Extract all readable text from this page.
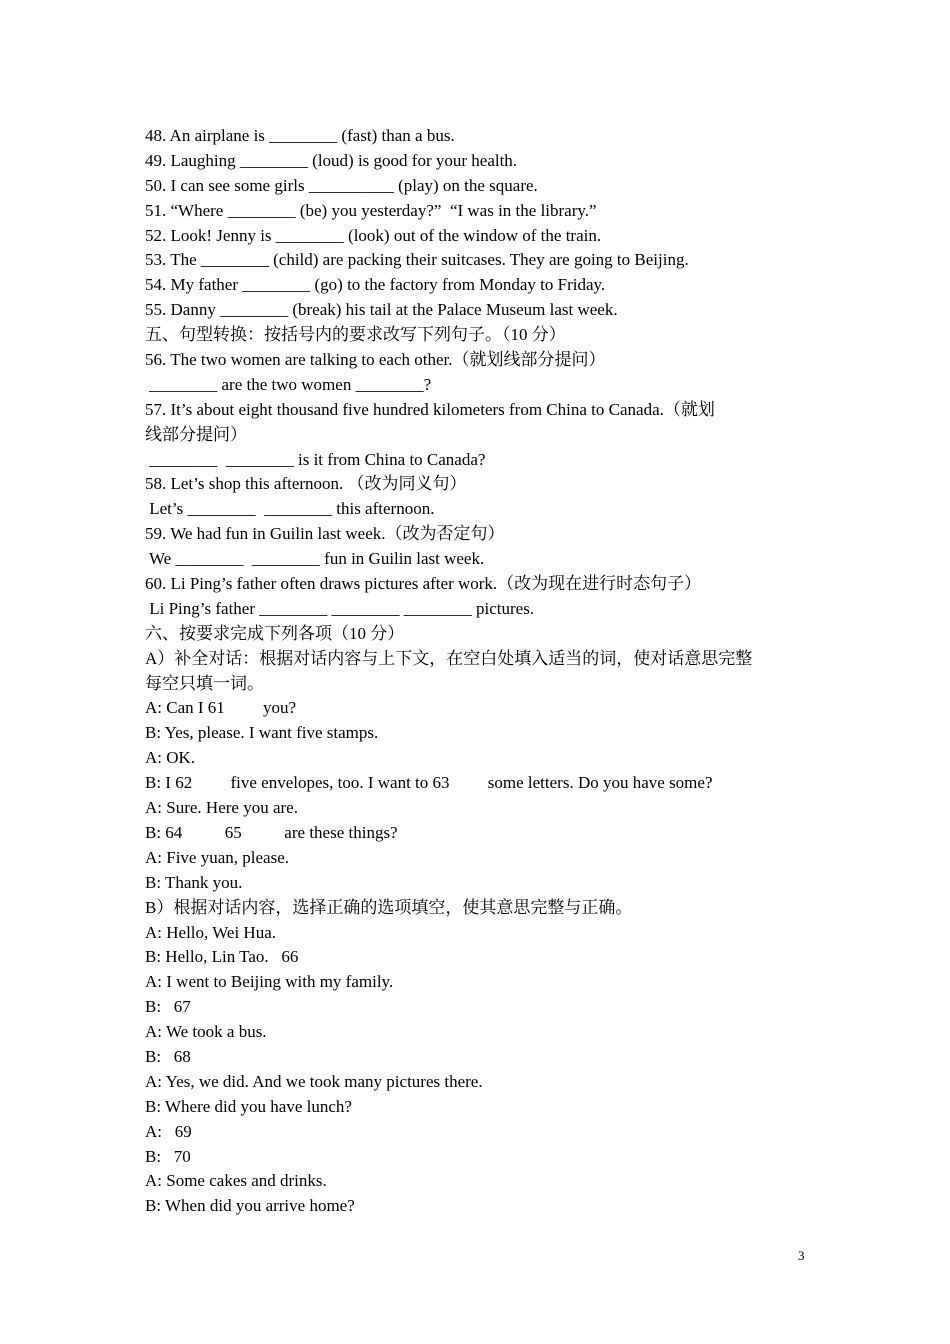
48. An airplane is ________ (fast) than a bus.
49. Laughing ________ (loud) is good for your health.
50. I can see some girls __________ (play) on the square.
51. “Where ________ (be) you yesterday?”  “I was in the library.”
52. Look! Jenny is ________ (look) out of the window of the train.
53. The ________ (child) are packing their suitcases. They are going to Beijing.
54. My father ________ (go) to the factory from Monday to Friday.
55. Danny ________ (break) his tail at the Palace Museum last week.
五、句型转换：按括号内的要求改写下列句子。（10 分）
56. The two women are talking to each other.（就划线部分提问）
________ are the two women ________?
57. It’s about eight thousand five hundred kilometers from China to Canada.（就划
线部分提问）
________  ________ is it from China to Canada?
58. Let’s shop this afternoon. （改为同义句）
Let’s ________  ________ this afternoon.
59. We had fun in Guilin last week.（改为否定句）
We ________  ________ fun in Guilin last week.
60. Li Ping’s father often draws pictures after work.（改为现在进行时态句子）
Li Ping’s father ________ ________ ________ pictures.
六、按要求完成下列各项（10 分）
A）补全对话：根据对话内容与上下文，在空白处填入适当的词，使对话意思完整
每空只填一词。
A: Can I 61         you?
B: Yes, please. I want five stamps.
A: OK.
B: I 62         five envelopes, too. I want to 63         some letters. Do you have some?
A: Sure. Here you are.
B: 64          65          are these things?
A: Five yuan, please.
B: Thank you.
B）根据对话内容，选择正确的选项填空，使其意思完整与正确。
A: Hello, Wei Hua.
B: Hello, Lin Tao.   66
A: I went to Beijing with my family.
B:   67
A: We took a bus.
B:   68
A: Yes, we did. And we took many pictures there.
B: Where did you have lunch?
A:   69
B:   70
A: Some cakes and drinks.
B: When did you arrive home?
3
